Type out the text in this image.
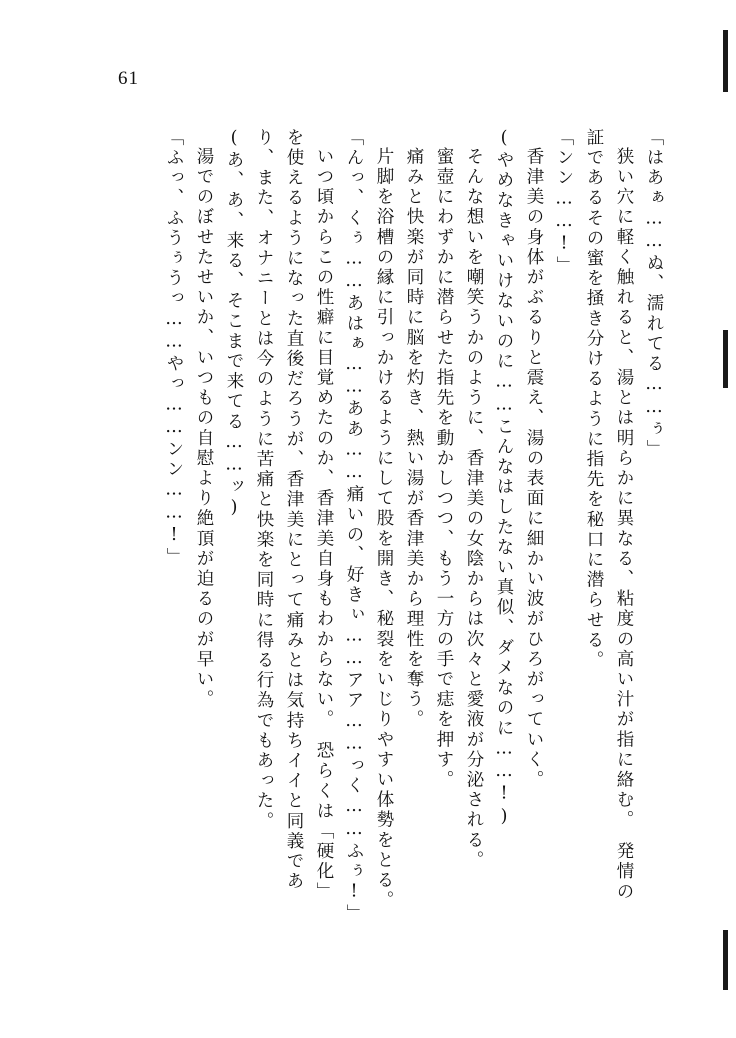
61
「はあぁ……ぬ、濡れてる……ぅ」
狭い穴に軽く触れると、湯とは明らかに異なる、粘度の高い汁が指に絡む。　発情の
証であるその蜜を掻き分けるように指先を秘口に潜らせる。
「ンン……!」
香津美の身体がぶるりと震え、湯の表面に細かい波がひろがっていく。
(やめなきゃいけないのに……こんなはしたない真似、ダメなのに……!)
そんな想いを嘲笑うかのように、香津美の女陰からは次々と愛液が分泌される。
蜜壺にわずかに潜らせた指先を動かしつつ、もう一方の手で痣を押す。
痛みと快楽が同時に脳を灼き、熱い湯が香津美から理性を奪う。
片脚を浴槽の縁に引っかけるようにして股を開き、秘裂をいじりやすい体勢をとる。
「んっ、くぅ……あはぁ……ああ……痛いの、好きぃ……アア……っく……ふぅ!」
いつ頃からこの性癖に目覚めたのか、香津美自身もわからない。　恐らくは「硬化」
を使えるようになった直後だろうが、香津美にとって痛みとは気持ちイイと同義であ
り、また、オナニーとは今のように苦痛と快楽を同時に得る行為でもあった。
(あ、あ、来る、そこまで来てる……ッ)
湯でのぼせたせいか、いつもの自慰より絶頂が迫るのが早い。
「ふっ、ふうぅうっ……やっ……ンン……!」
